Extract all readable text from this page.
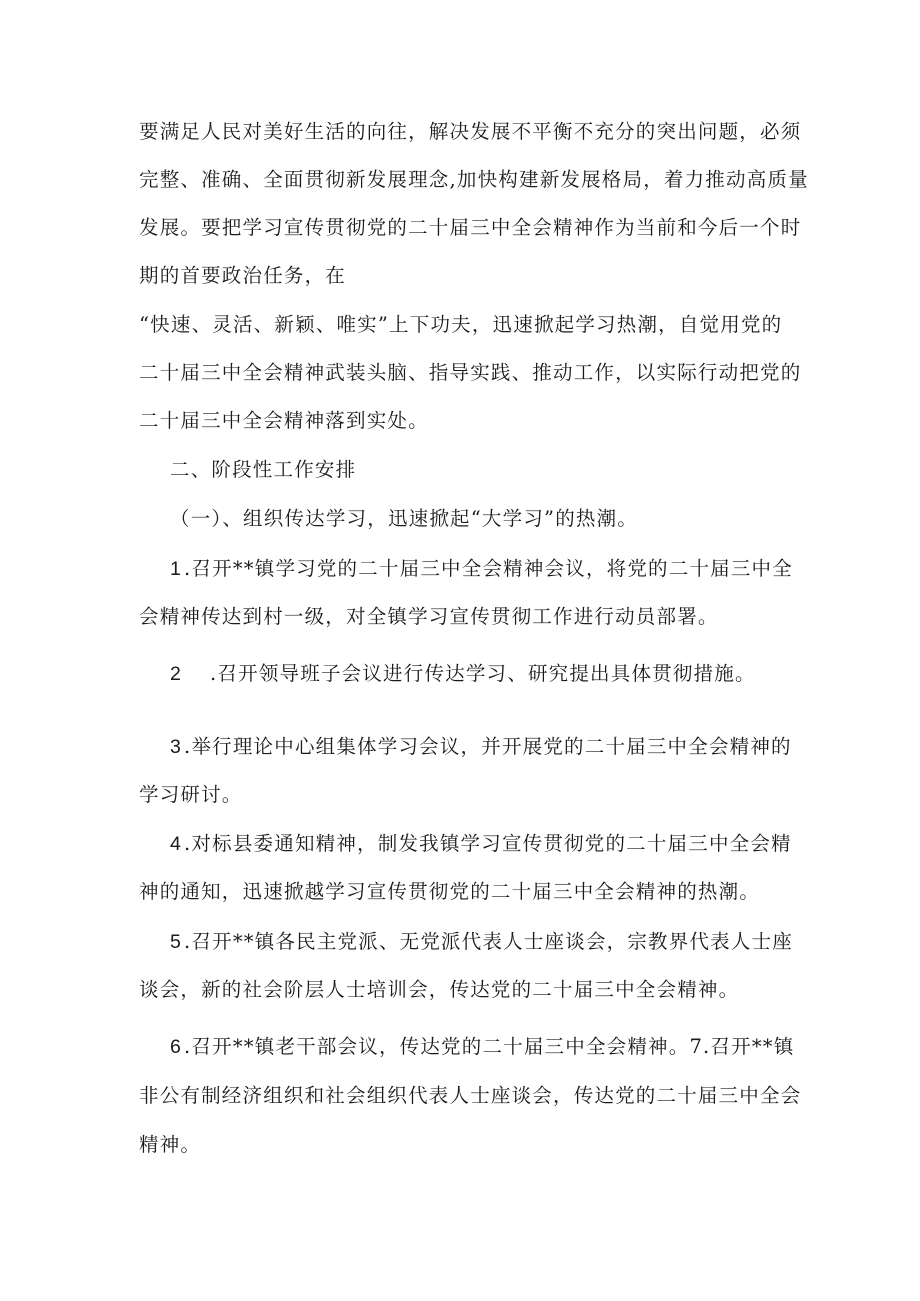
要满足人民对美好生活的向往，解决发展不平衡不充分的突出问题，必须
完整、准确、全面贯彻新发展理念,加快构建新发展格局，着力推动高质量
发展。要把学习宣传贯彻党的二十届三中全会精神作为当前和今后一个时
期的首要政治任务，在
“快速、灵活、新颖、唯实”上下功夫，迅速掀起学习热潮，自觉用党的
二十届三中全会精神武装头脑、指导实践、推动工作，以实际行动把党的
二十届三中全会精神落到实处。
二、阶段性工作安排
（一）、组织传达学习，迅速掀起“大学习”的热潮。
1 .召开**镇学习党的二十届三中全会精神会议，将党的二十届三中全
会精神传达到村一级，对全镇学习宣传贯彻工作进行动员部署。
2 .召开领导班子会议进行传达学习、研究提出具体贯彻措施。
3 .举行理论中心组集体学习会议，并开展党的二十届三中全会精神的
学习研讨。
4 .对标县委通知精神，制发我镇学习宣传贯彻党的二十届三中全会精
神的通知，迅速掀越学习宣传贯彻党的二十届三中全会精神的热潮。
5 .召开**镇各民主党派、无党派代表人士座谈会，宗教界代表人士座
谈会，新的社会阶层人士培训会，传达党的二十届三中全会精神。
6 .召开**镇老干部会议，传达党的二十届三中全会精神。7.召开**镇
非公有制经济组织和社会组织代表人士座谈会，传达党的二十届三中全会
精神。
